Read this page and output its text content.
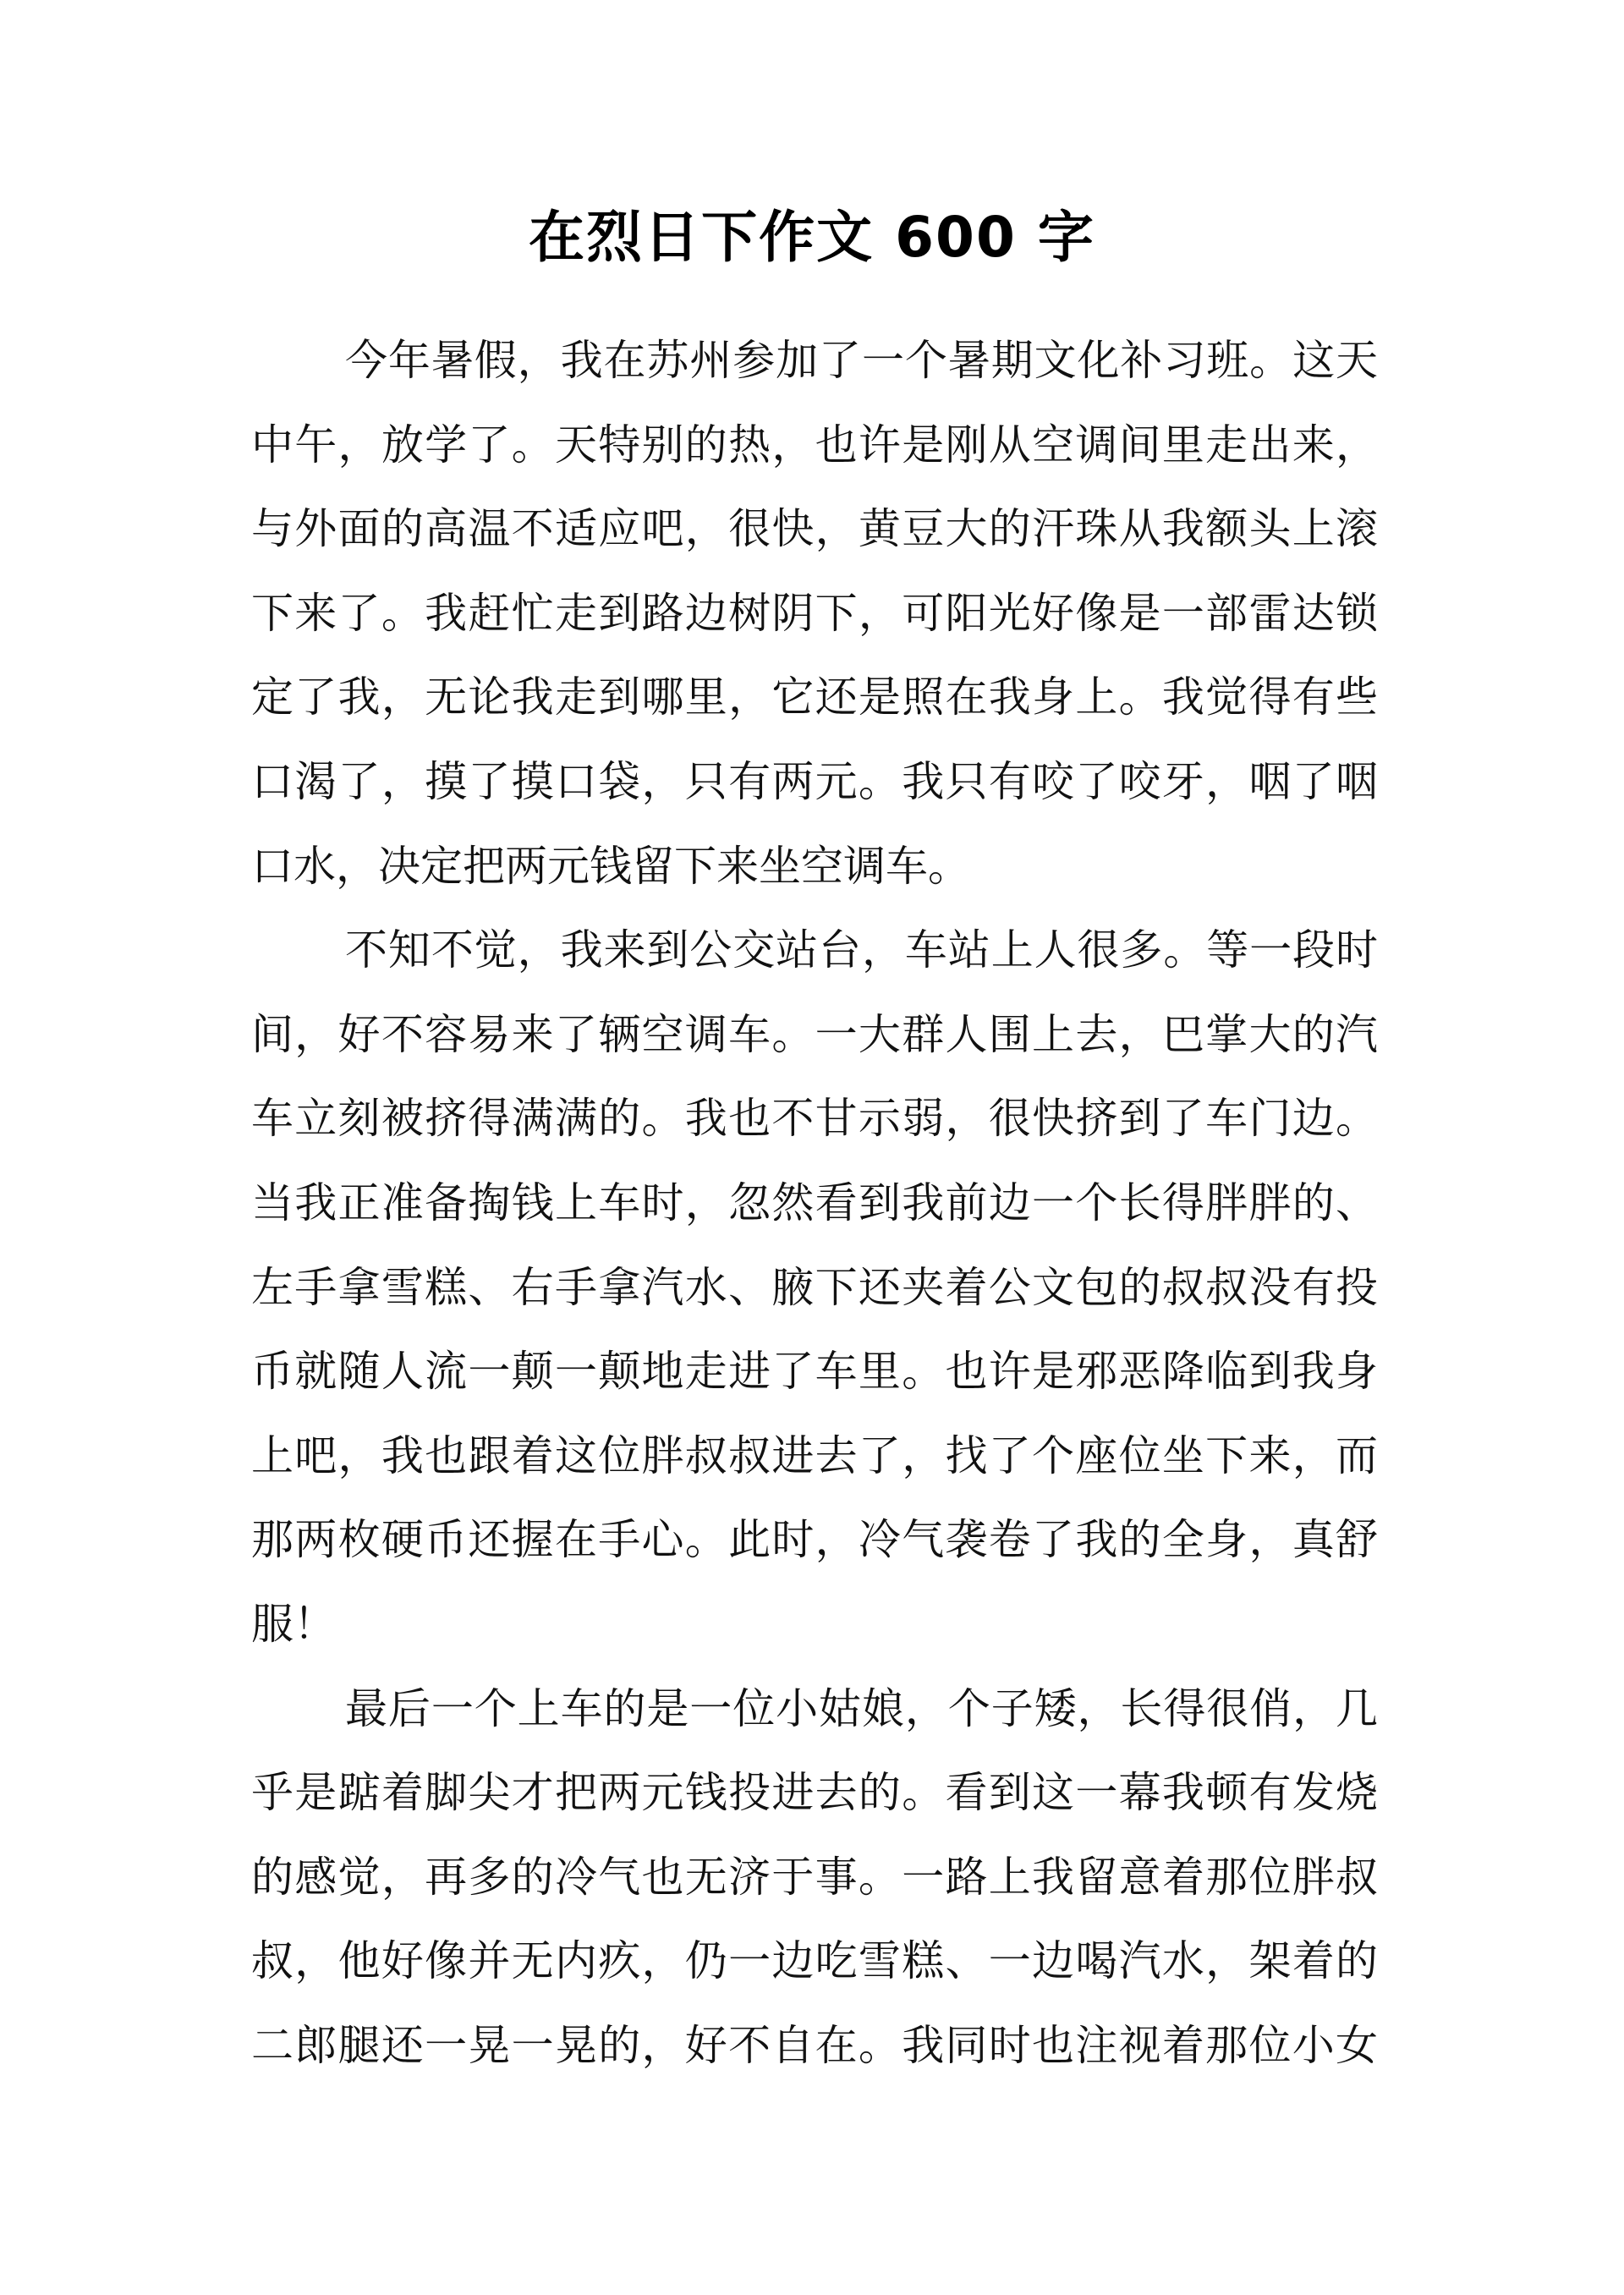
在烈日下作文 600 字
今年暑假，我在苏州参加了一个暑期文化补习班。这天
中午，放学了。天特别的热，也许是刚从空调间里走出来，
与外面的高温不适应吧，很快，黄豆大的汗珠从我额头上滚
下来了。我赶忙走到路边树阴下，可阳光好像是一部雷达锁
定了我，无论我走到哪里，它还是照在我身上。我觉得有些
口渴了，摸了摸口袋，只有两元。我只有咬了咬牙，咽了咽
口水，决定把两元钱留下来坐空调车。
不知不觉，我来到公交站台，车站上人很多。等一段时
间，好不容易来了辆空调车。一大群人围上去，巴掌大的汽
车立刻被挤得满满的。我也不甘示弱，很快挤到了车门边。
当我正准备掏钱上车时，忽然看到我前边一个长得胖胖的、
左手拿雪糕、右手拿汽水、腋下还夹着公文包的叔叔没有投
币就随人流一颠一颠地走进了车里。也许是邪恶降临到我身
上吧，我也跟着这位胖叔叔进去了，找了个座位坐下来，而
那两枚硬币还握在手心。此时，冷气袭卷了我的全身，真舒
服！
最后一个上车的是一位小姑娘，个子矮，长得很俏，几
乎是踮着脚尖才把两元钱投进去的。看到这一幕我顿有发烧
的感觉，再多的冷气也无济于事。一路上我留意着那位胖叔
叔，他好像并无内疚，仍一边吃雪糕、一边喝汽水，架着的
二郎腿还一晃一晃的，好不自在。我同时也注视着那位小女
